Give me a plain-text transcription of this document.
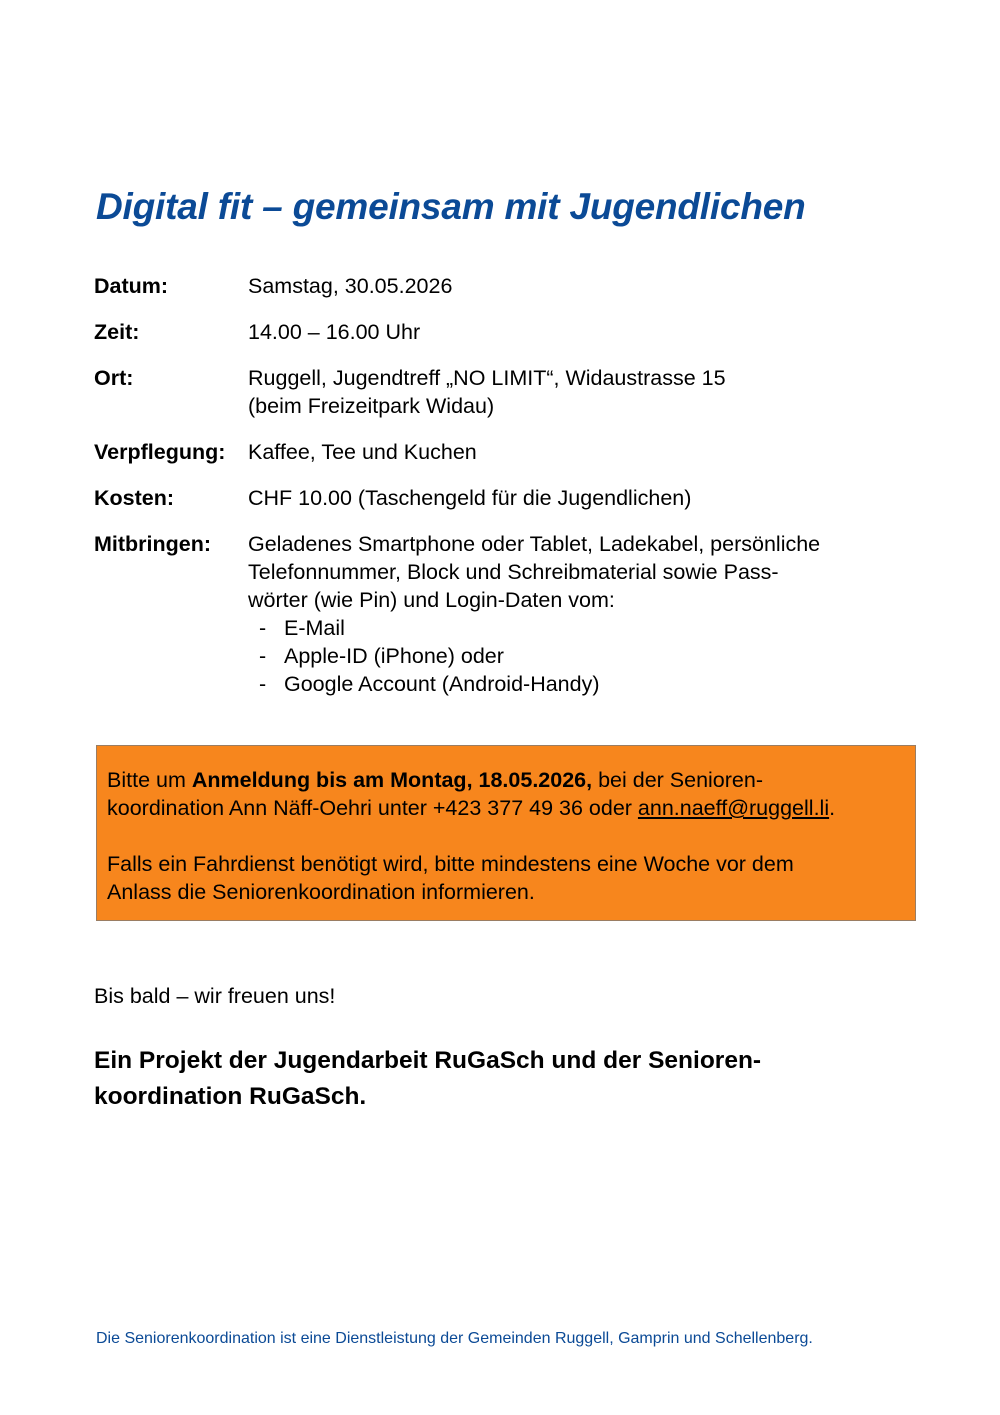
Digital fit – gemeinsam mit Jugendlichen
Datum:	Samstag, 30.05.2026
Zeit:	14.00 – 16.00 Uhr
Ort:	Ruggell, Jugendtreff „NO LIMIT“, Widaustrasse 15
(beim Freizeitpark Widau)
Verpflegung:	Kaffee, Tee und Kuchen
Kosten:	CHF 10.00 (Taschengeld für die Jugendlichen)
Mitbringen:	Geladenes Smartphone oder Tablet, Ladekabel, persönliche
Telefonnummer, Block und Schreibmaterial sowie Pass-
wörter (wie Pin) und Login-Daten vom:
- E-Mail
- Apple-ID (iPhone) oder
- Google Account (Android-Handy)

Bitte um Anmeldung bis am Montag, 18.05.2026, bei der Senioren-
koordination Ann Näff-Oehri unter +423 377 49 36 oder ann.naeff@ruggell.li.

Falls ein Fahrdienst benötigt wird, bitte mindestens eine Woche vor dem
Anlass die Seniorenkoordination informieren.

Bis bald – wir freuen uns!

Ein Projekt der Jugendarbeit RuGaSch und der Senioren-
koordination RuGaSch.

Die Seniorenkoordination ist eine Dienstleistung der Gemeinden Ruggell, Gamprin und Schellenberg.
